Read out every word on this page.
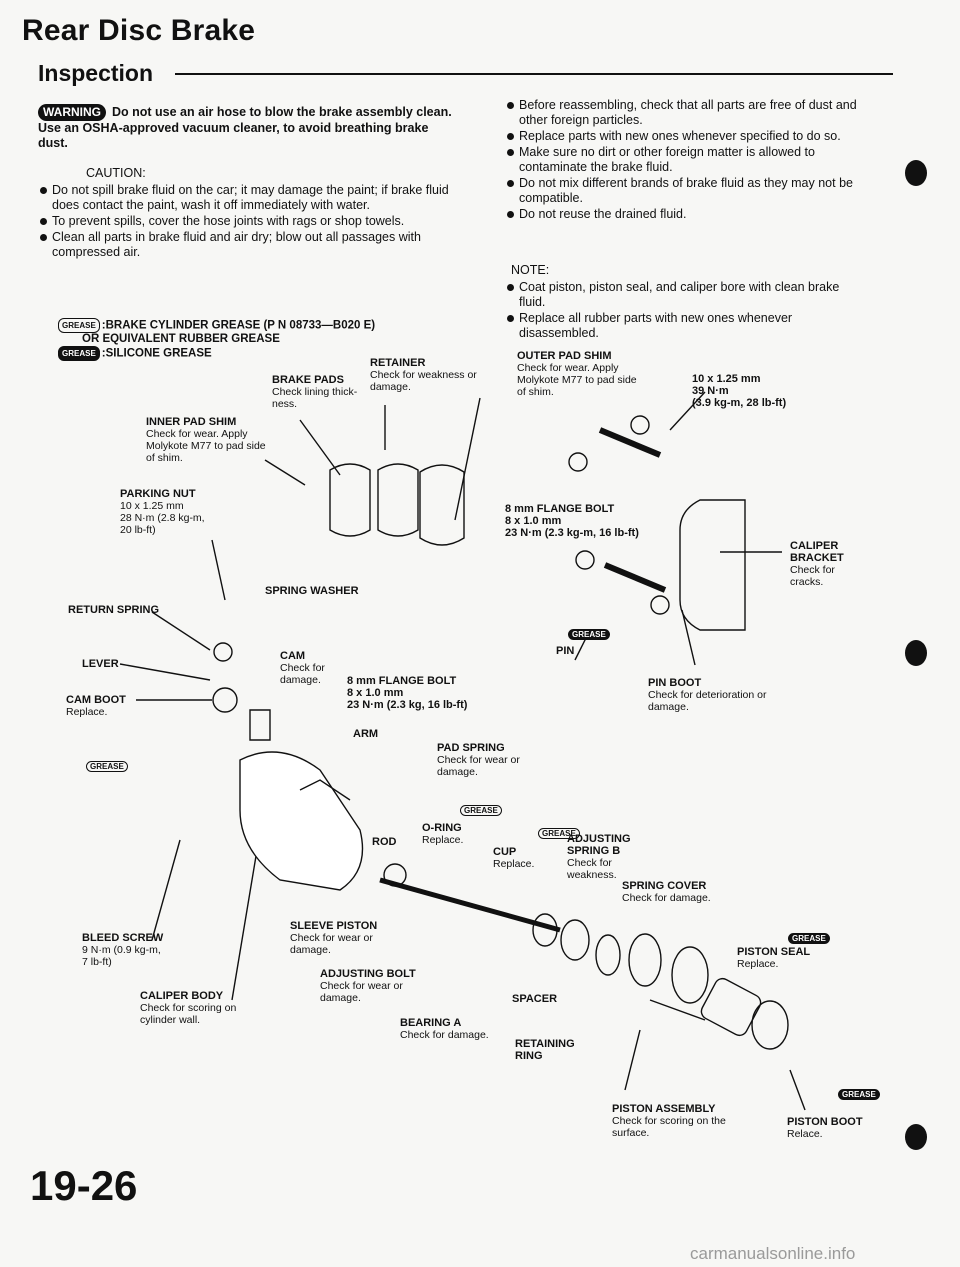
Rear Disc Brake
Inspection
WARNING Do not use an air hose to blow the brake assembly clean. Use an OSHA-approved vacuum cleaner, to avoid breathing brake dust.
CAUTION:
Do not spill brake fluid on the car; it may damage the paint; if brake fluid does contact the paint, wash it off immediately with water.
To prevent spills, cover the hose joints with rags or shop towels.
Clean all parts in brake fluid and air dry; blow out all passages with compressed air.
Before reassembling, check that all parts are free of dust and other foreign particles.
Replace parts with new ones whenever specified to do so.
Make sure no dirt or other foreign matter is allowed to contaminate the brake fluid.
Do not mix different brands of brake fluid as they may not be compatible.
Do not reuse the drained fluid.
NOTE:
Coat piston, piston seal, and caliper bore with clean brake fluid.
Replace all rubber parts with new ones whenever disassembled.
GREASE :BRAKE CYLINDER GREASE (P N 08733—B020 E)
OR EQUIVALENT RUBBER GREASE
GREASE :SILICONE GREASE
BRAKE PADS
Check lining thick-ness.
RETAINER
Check for weakness or damage.
OUTER PAD SHIM
Check for wear. Apply Molykote M77 to pad side of shim.
10 x 1.25 mm
39 N·m
(3.9 kg-m, 28 lb-ft)
INNER PAD SHIM
Check for wear. Apply Molykote M77 to pad side of shim.
PARKING NUT
10 x 1.25 mm
28 N·m (2.8 kg-m,
20 lb-ft)
8 mm FLANGE BOLT
8 x 1.0 mm
23 N·m (2.3 kg-m, 16 lb-ft)
CALIPER BRACKET
Check for cracks.
SPRING WASHER
RETURN SPRING
LEVER
CAM
Check for damage.	8 mm FLANGE BOLT
8 x 1.0 mm
23 N·m (2.3 kg, 16 lb-ft)
PIN
PIN BOOT
Check for deterioration or damage.
CAM BOOT
Replace.
ARM
PAD SPRING
Check for wear or damage.
O-RING
Replace.
ROD
CUP
Replace.
ADJUSTING SPRING B
Check for weakness.
SPRING COVER
Check for damage.
SLEEVE PISTON
Check for wear or damage.
BLEED SCREW
9 N·m (0.9 kg-m,
7 lb-ft)
PISTON SEAL
Replace.
ADJUSTING BOLT
Check for wear or damage.
CALIPER BODY
Check for scoring on cylinder wall.
SPACER
BEARING A
Check for damage.
RETAINING RING
PISTON ASSEMBLY
Check for scoring on the surface.
PISTON BOOT
Relace.
GREASE
GREASE
GREASE
GREASE
GREASE
GREASE
19-26
carmanualsonline.info
